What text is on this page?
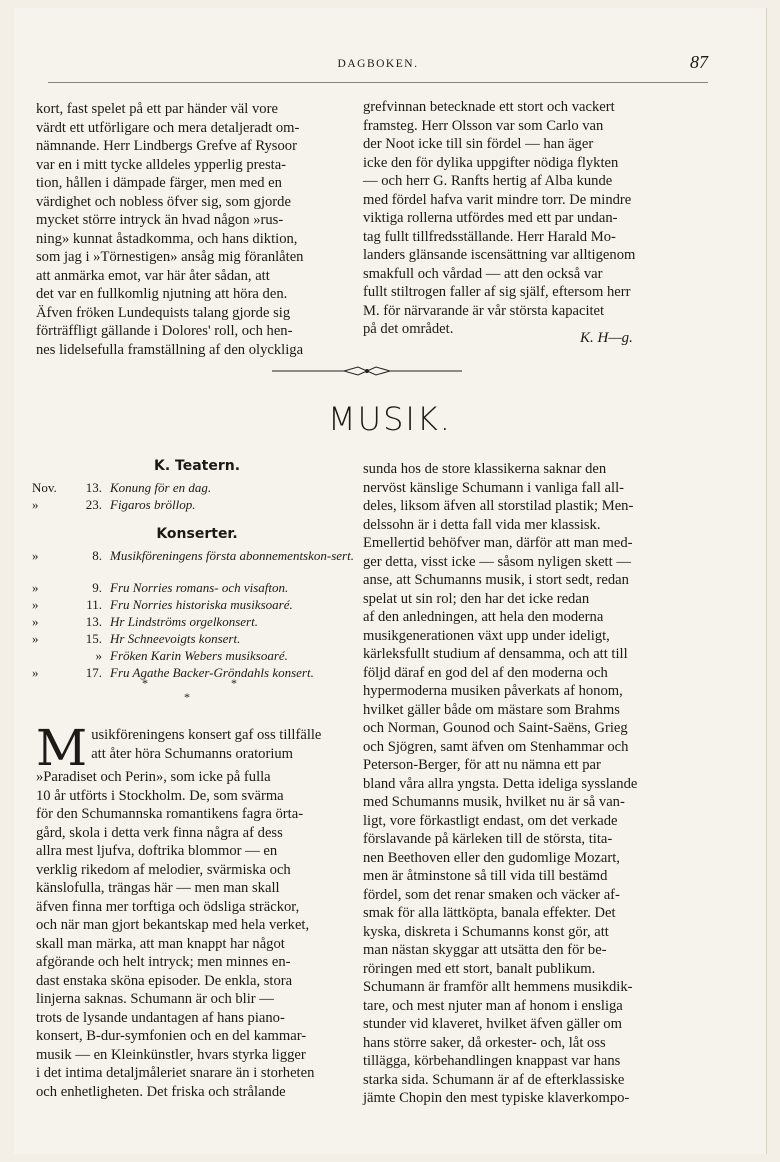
DAGBOKEN.	87

kort, fast spelet på ett par händer väl vore

värdt ett utförligare och mera detaljeradt om-

nämnande. Herr Lindbergs Grefve af Rysoor

var en i mitt tycke alldeles ypperlig presta-

tion, hållen i dämpade färger, men med en

värdighet och nobless öfver sig, som gjorde

mycket större intryck än hvad någon »rus-

ning» kunnat åstadkomma, och hans diktion,

som jag i »Törnestigen» ansåg mig föranlåten

att anmärka emot, var här åter sådan, att

det var en fullkomlig njutning att höra den.

Äfven fröken Lundequists talang gjorde sig

förträffligt gällande i Dolores' roll, och hen-

nes lidelsefulla framställning af den olyckliga

grefvinnan betecknade ett stort och vackert

framsteg. Herr Olsson var som Carlo van

der Noot icke till sin fördel — han äger

icke den för dylika uppgifter nödiga flykten

— och herr G. Ranfts hertig af Alba kunde

med fördel hafva varit mindre torr. De mindre

viktiga rollerna utfördes med ett par undan-

tag fullt tillfredsställande. Herr Harald Mo-

landers glänsande iscensättning var alltigenom

smakfull och vårdad — att den också var

fullt stiltrogen faller af sig själf, eftersom herr

M. för närvarande är vår största kapacitet

på det området.

K. H—g.
MUSIK.
K. Teatern.
Nov.	13. Konung för en dag.
»	23. Figaros bröllop.
Konserter.
»	8. Musikföreningens första abonnementskon-sert.
»	9. Fru Norries romans- och visafton.
»	11. Fru Norries historiska musiksoaré.
»	13. Hr Lindströms orgelkonsert.
»	15. Hr Schneevoigts konsert.
» Fröken Karin Webers musiksoaré.
»	17. Fru Agathe Backer-Gröndahls konsert.
* *
*
M usikföreningens konsert gaf oss tillfälle

att åter höra Schumanns oratorium

»Paradiset och Perin», som icke på fulla

10 år utförts i Stockholm. De, som svärma

för den Schumannska romantikens fagra örta-

gård, skola i detta verk finna några af dess

allra mest ljufva, doftrika blommor — en

verklig rikedom af melodier, svärmiska och

känslofulla, trängas här — men man skall

äfven finna mer torftiga och ödsliga sträckor,

och när man gjort bekantskap med hela verket,

skall man märka, att man knappt har något

afgörande och helt intryck; men minnes en-

dast enstaka sköna episoder. De enkla, stora

linjerna saknas. Schumann är och blir —

trots de lysande undantagen af hans piano-

konsert, B-dur-symfonien och en del kammar-

musik — en Kleinkünstler, hvars styrka ligger

i det intima detaljmåleriet snarare än i storheten

och enhetligheten. Det friska och strålande

sunda hos de store klassikerna saknar den

nervöst känslige Schumann i vanliga fall all-

deles, liksom äfven all storstilad plastik; Men-

delssohn är i detta fall vida mer klassisk.

Emellertid behöfver man, därför att man med-

ger detta, visst icke — såsom nyligen skett —

anse, att Schumanns musik, i stort sedt, redan

spelat ut sin rol; den har det icke redan

af den anledningen, att hela den moderna

musikgenerationen växt upp under ideligt,

kärleksfullt studium af densamma, och att till

följd däraf en god del af den moderna och

hypermoderna musiken påverkats af honom,

hvilket gäller både om mästare som Brahms

och Norman, Gounod och Saint-Saëns, Grieg

och Sjögren, samt äfven om Stenhammar och

Peterson-Berger, för att nu nämna ett par

bland våra allra yngsta. Detta ideliga sysslande

med Schumanns musik, hvilket nu är så van-

ligt, vore förkastligt endast, om det verkade

förslavande på kärleken till de största, tita-

nen Beethoven eller den gudomlige Mozart,

men är åtminstone så till vida till bestämd

fördel, som det renar smaken och väcker af-

smak för alla lättköpta, banala effekter. Det

kyska, diskreta i Schumanns konst gör, att

man nästan skyggar att utsätta den för be-

röringen med ett stort, banalt publikum.

Schumann är framför allt hemmens musikdik-

tare, och mest njuter man af honom i ensliga

stunder vid klaveret, hvilket äfven gäller om

hans större saker, då orkester- och, låt oss

tillägga, körbehandlingen knappast var hans

starka sida. Schumann är af de efterklassiske

jämte Chopin den mest typiske klaverkompo-
